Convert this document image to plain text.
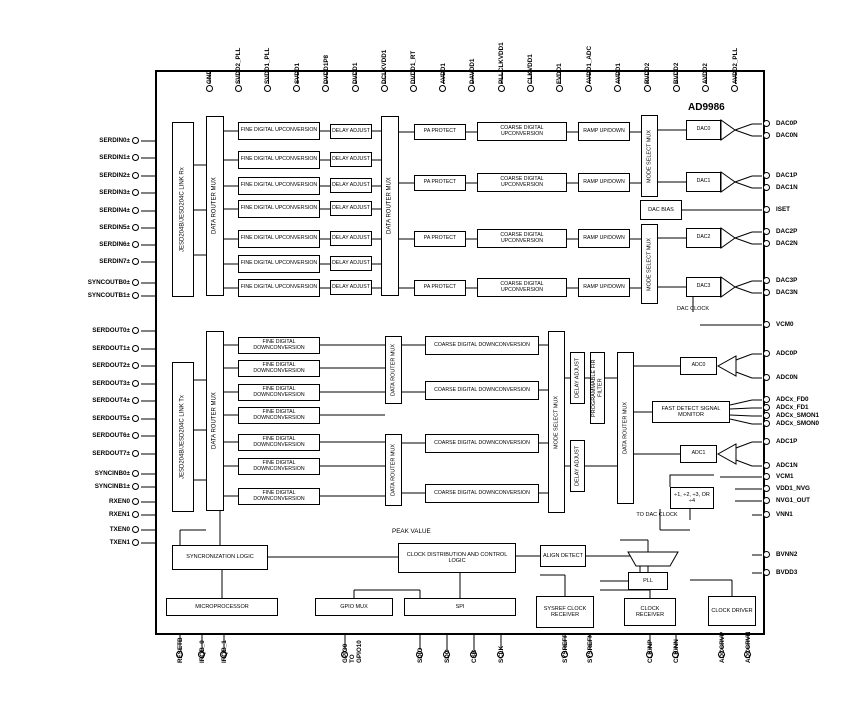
AD9986
JESD204B/JESD204C LINK Rx	DATA ROUTER MUX
FINE DIGITAL UPCONVERSION
FINE DIGITAL UPCONVERSION
FINE DIGITAL UPCONVERSION
FINE DIGITAL UPCONVERSION
FINE DIGITAL UPCONVERSION
FINE DIGITAL UPCONVERSION
FINE DIGITAL UPCONVERSION
DELAY ADJUST
DELAY ADJUST
DELAY ADJUST
DELAY ADJUST
DELAY ADJUST
DELAY ADJUST
DELAY ADJUST
DATA ROUTER MUX
PA PROTECT
PA PROTECT
PA PROTECT
PA PROTECT
COARSE DIGITAL UPCONVERSION
COARSE DIGITAL UPCONVERSION
COARSE DIGITAL UPCONVERSION
COARSE DIGITAL UPCONVERSION
RAMP UP/DOWN
RAMP UP/DOWN
RAMP UP/DOWN
RAMP UP/DOWN
MODE SELECT MUX
MODE SELECT MUX
DAC0
DAC1
DAC2
DAC3
DAC BIAS
DAC CLOCK
JESD204B/JESD204C LINK Tx	DATA ROUTER MUX
FINE DIGITAL DOWNCONVERSION
FINE DIGITAL DOWNCONVERSION
FINE DIGITAL DOWNCONVERSION
FINE DIGITAL DOWNCONVERSION
FINE DIGITAL DOWNCONVERSION
FINE DIGITAL DOWNCONVERSION
FINE DIGITAL DOWNCONVERSION
DATA ROUTER MUX
DATA ROUTER MUX
COARSE DIGITAL DOWNCONVERSION
COARSE DIGITAL DOWNCONVERSION
COARSE DIGITAL DOWNCONVERSION
COARSE DIGITAL DOWNCONVERSION
MODE SELECT MUX
DELAY ADJUST
DELAY ADJUST
PROGRAMMABLE FIR FILTER
DATA ROUTER MUX
ADC0
ADC1
FAST DETECT SIGNAL MONITOR
÷1, ÷2, ÷3, OR ÷4
TO DAC CLOCK
PEAK VALUE
SYNCRONIZATION LOGIC	CLOCK DISTRIBUTION AND CONTROL LOGIC
ALIGN DETECT
PLL
MICROPROCESSOR	GPIO MUX	SPI	SYSREF CLOCK RECEIVER
CLOCK RECEIVER
CLOCK DRIVER
GND	SVDD2_PLL	SVDD1_PLL	SVDD1	DVDD1P8	DVDD1	DCLKVDD1	DVDD1_RT	AVDD1	DAVDD1	PLLCLKVDD1	CLKVDD1	FVDD1	AVDD1_ADC	AVDD1	RVDD2	BVDD2	AVDD2	AVDD2_PLL
RESETB IRQB_0 IRQB_1	GPIO0
TO
GPIO10	SDIO	SDO	CSB	SCLK	SYSREFP	SYSREFN	CLKINP	CLKINN	ADCCRVP	ADCCRVN
SERDIN0±
SERDIN1±
SERDIN2±
SERDIN3±
SERDIN4±
SERDIN5±
SERDIN6±
SERDIN7±
SYNCOUTB0±
SYNCOUTB1±
SERDOUT0±
SERDOUT1±
SERDOUT2±
SERDOUT3±
SERDOUT4±
SERDOUT5±
SERDOUT6±
SERDOUT7±
SYNCINB0±
SYNCINB1±
RXEN0
RXEN1
TXEN0
TXEN1
DAC0P
DAC0N
DAC1P
DAC1N
ISET
DAC2P
DAC2N
DAC3P
DAC3N
VCM0
ADC0P
ADC0N
ADCx_FD0
ADCx_FD1
ADCx_SMON1
ADCx_SMON0
ADC1P
ADC1N
VCM1
VDD1_NVG
NVG1_OUT
VNN1
BVNN2
BVDD3
